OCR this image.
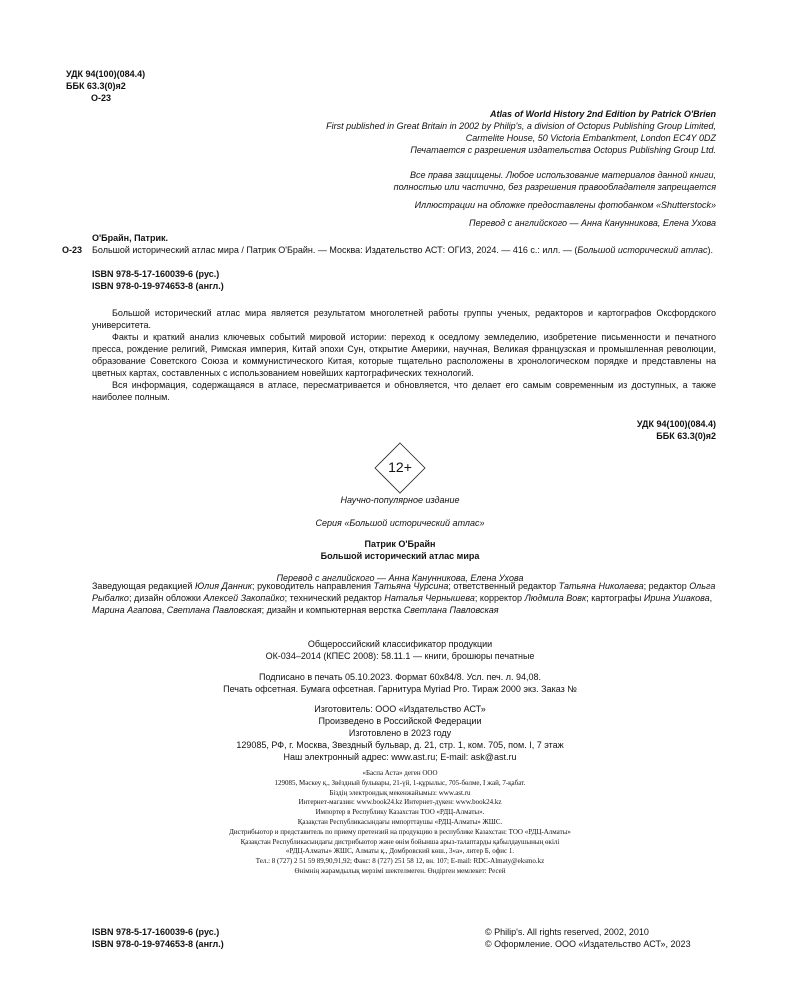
УДК 94(100)(084.4)
ББК 63.3(0)я2
О-23
Atlas of World History 2nd Edition by Patrick O'Brien
First published in Great Britain in 2002 by Philip's, a division of Octopus Publishing Group Limited,
Carmelite House, 50 Victoria Embankment, London EC4Y 0DZ
Печатается с разрешения издательства Octopus Publishing Group Ltd.
Все права защищены. Любое использование материалов данной книги,
полностью или частично, без разрешения правообладателя запрещается
Иллюстрации на обложке предоставлены фотобанком «Shutterstock»
Перевод с английского — Анна Канунникова, Елена Ухова
О'Брайн, Патрик.
О-23 Большой исторический атлас мира / Патрик О'Брайн. — Москва: Издательство АСТ: ОГИЗ, 2024. — 416 с.: илл. — (Большой исторический атлас).
ISBN 978-5-17-160039-6 (рус.)
ISBN 978-0-19-974653-8 (англ.)

Большой исторический атлас мира является результатом многолетней работы группы ученых, редакторов и картографов Оксфордского университета.

Факты и краткий анализ ключевых событий мировой истории: переход к оседлому земледелию, изобретение письменности и печатного пресса, рождение религий, Римская империя, Китай эпохи Сун, открытие Америки, научная, Великая французская и промышленная революции, образование Советского Союза и коммунистического Китая, которые тщательно расположены в хронологическом порядке и представлены на цветных картах, составленных с использованием новейших картографических технологий.

Вся информация, содержащаяся в атласе, пересматривается и обновляется, что делает его самым современным из доступных, а также наиболее полным.

УДК 94(100)(084.4)
ББК 63.3(0)я2
12+
Научно-популярное издание
Серия «Большой исторический атлас»
Патрик О'Брайн
Большой исторический атлас мира
Перевод с английского — Анна Канунникова, Елена Ухова
Заведующая редакцией Юлия Данник; руководитель направления Татьяна Чурсина; ответственный редактор Татьяна Николаева; редактор Ольга Рыбалко; дизайн обложки Алексей Закопайко; технический редактор Наталья Чернышева; корректор Людмила Вовк; картографы Ирина Ушакова, Марина Агапова, Светлана Павловская; дизайн и компьютерная верстка Светлана Павловская
Общероссийский классификатор продукции
ОК-034–2014 (КПЕС 2008): 58.11.1 — книги, брошюры печатные
Подписано в печать 05.10.2023. Формат 60x84/8. Усл. печ. л. 94,08.
Печать офсетная. Бумага офсетная. Гарнитура Myriad Pro. Тираж 2000 экз. Заказ №
Изготовитель: ООО «Издательство АСТ»
Произведено в Российской Федерации
Изготовлено в 2023 году
129085, РФ, г. Москва, Звездный бульвар, д. 21, стр. 1, ком. 705, пом. I, 7 этаж
Наш электронный адрес: www.ast.ru; E-mail: ask@ast.ru
«Баспа Аста» деген ООО
129085, Мәскеу қ., Звёздный бульвары, 21-үй, 1-құрылыс, 705-бөлме, I жай, 7-қабат.
Біздің электрондық мекенжайымыз: www.ast.ru
Интернет-магазин: www.book24.kz Интернет-дүкен: www.book24.kz
Импортер в Республику Казахстан ТОО «РДЦ-Алматы».
Қазақстан Республикасындағы импорттаушы «РДЦ-Алматы» ЖШС.
Дистрибьютор и представитель по приему претензий на продукцию в республике Казахстан: ТОО «РДЦ-Алматы»
Қазақстан Республикасындағы дистрибьютор және өнім бойынша арыз-талаптарды қабылдаушының өкілі
«РДЦ-Алматы» ЖШС, Алматы қ., Домбровский көш., 3«а», литер Б, офис 1.
Тел.: 8 (727) 2 51 59 89,90,91,92; Факс: 8 (727) 251 58 12, вн. 107; E-mail: RDC-Almaty@eksmo.kz
Өнімнің жарамдылық мерзімі шектелмеген. Өндірген мемлекет: Ресей
ISBN 978-5-17-160039-6 (рус.)
ISBN 978-0-19-974653-8 (англ.)
© Philip's. All rights reserved, 2002, 2010
© Оформление. ООО «Издательство АСТ», 2023
